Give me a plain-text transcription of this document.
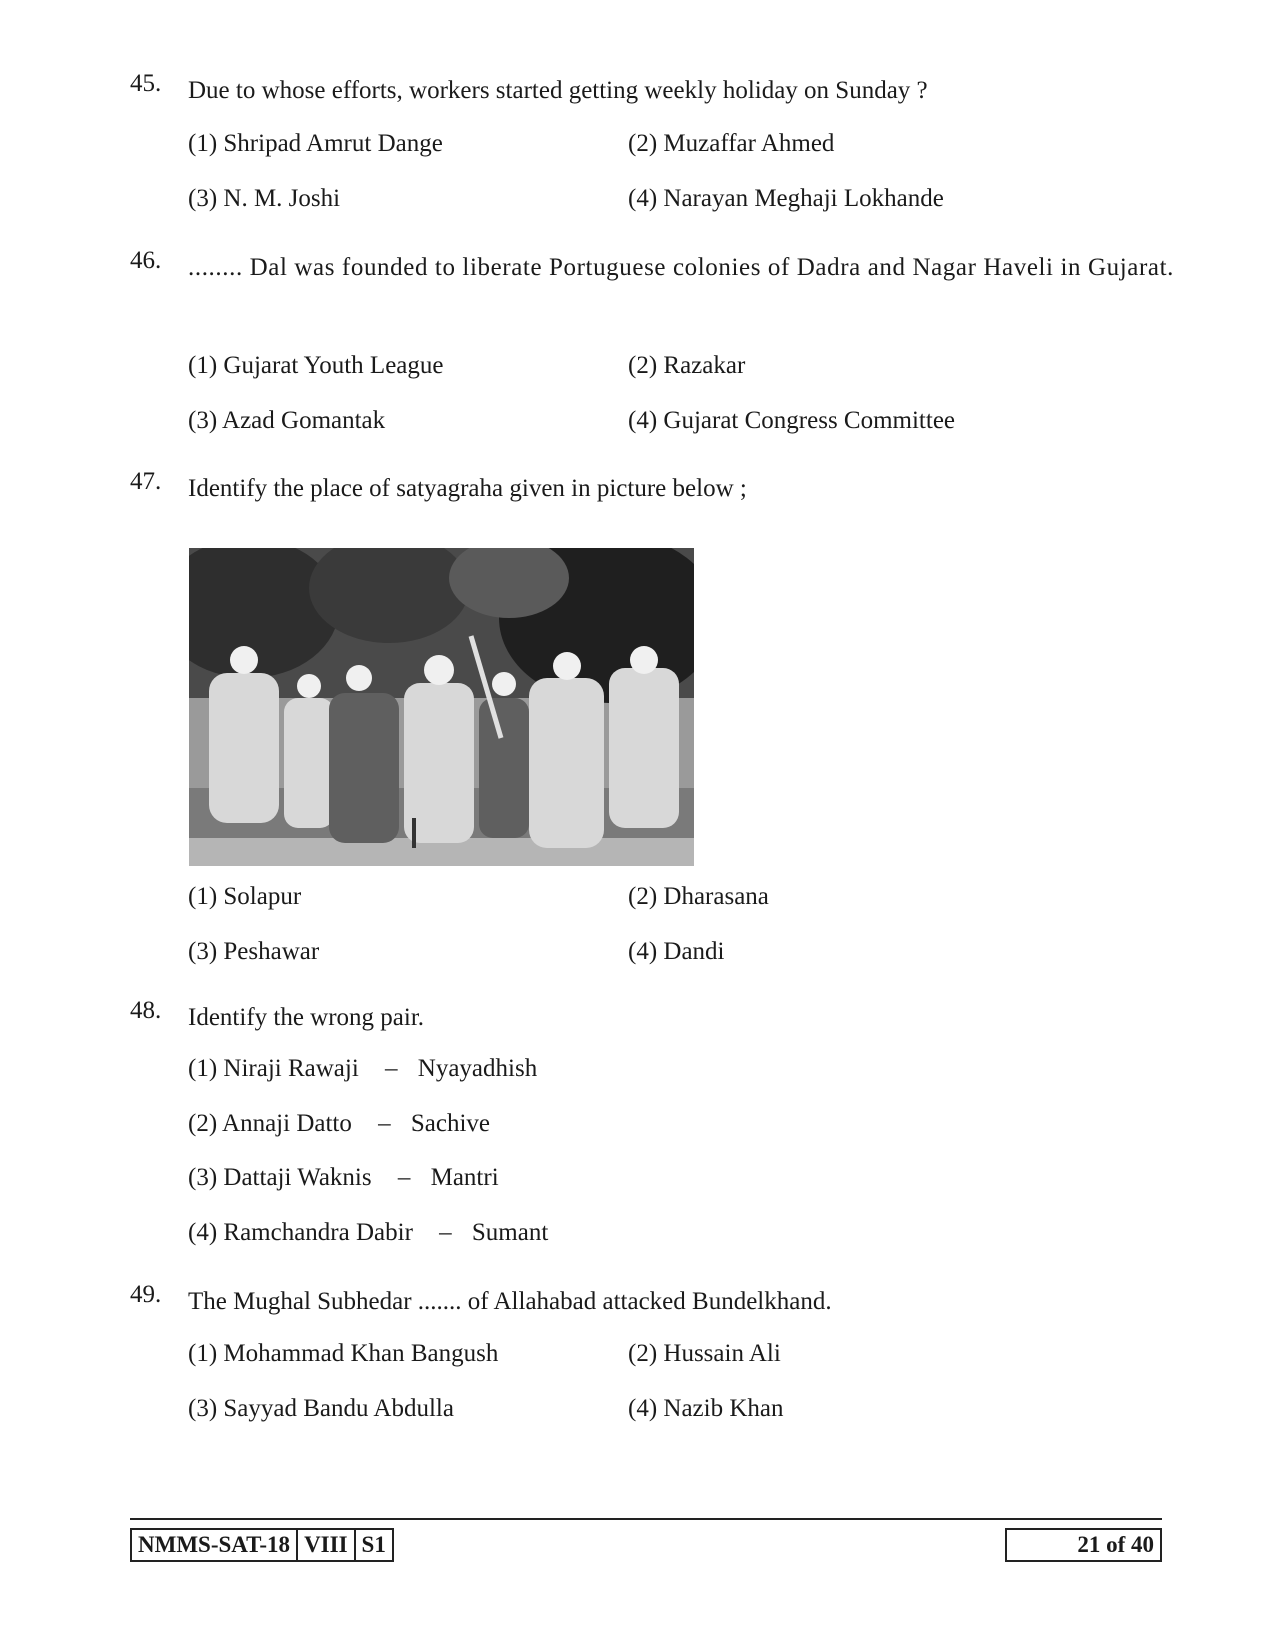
45. Due to whose efforts, workers started getting weekly holiday on Sunday ?
(1) Shripad Amrut Dange	(2) Muzaffar Ahmed
(3) N. M. Joshi	(4) Narayan Meghaji Lokhande
46. ........ Dal was founded to liberate Portuguese colonies of Dadra and Nagar Haveli in Gujarat.
(1) Gujarat Youth League	(2) Razakar
(3) Azad Gomantak	(4) Gujarat Congress Committee
47. Identify the place of satyagraha given in picture below ;
(1) Solapur	(2) Dharasana
(3) Peshawar	(4) Dandi
48. Identify the wrong pair.
(1) Niraji Rawaji – Nyayadhish
(2) Annaji Datto – Sachive
(3) Dattaji Waknis – Mantri
(4) Ramchandra Dabir – Sumant
49. The Mughal Subhedar ....... of Allahabad attacked Bundelkhand.
(1) Mohammad Khan Bangush	(2) Hussain Ali
(3) Sayyad Bandu Abdulla	(4) Nazib Khan
NMMS-SAT-18 VIII S1	21 of 40
